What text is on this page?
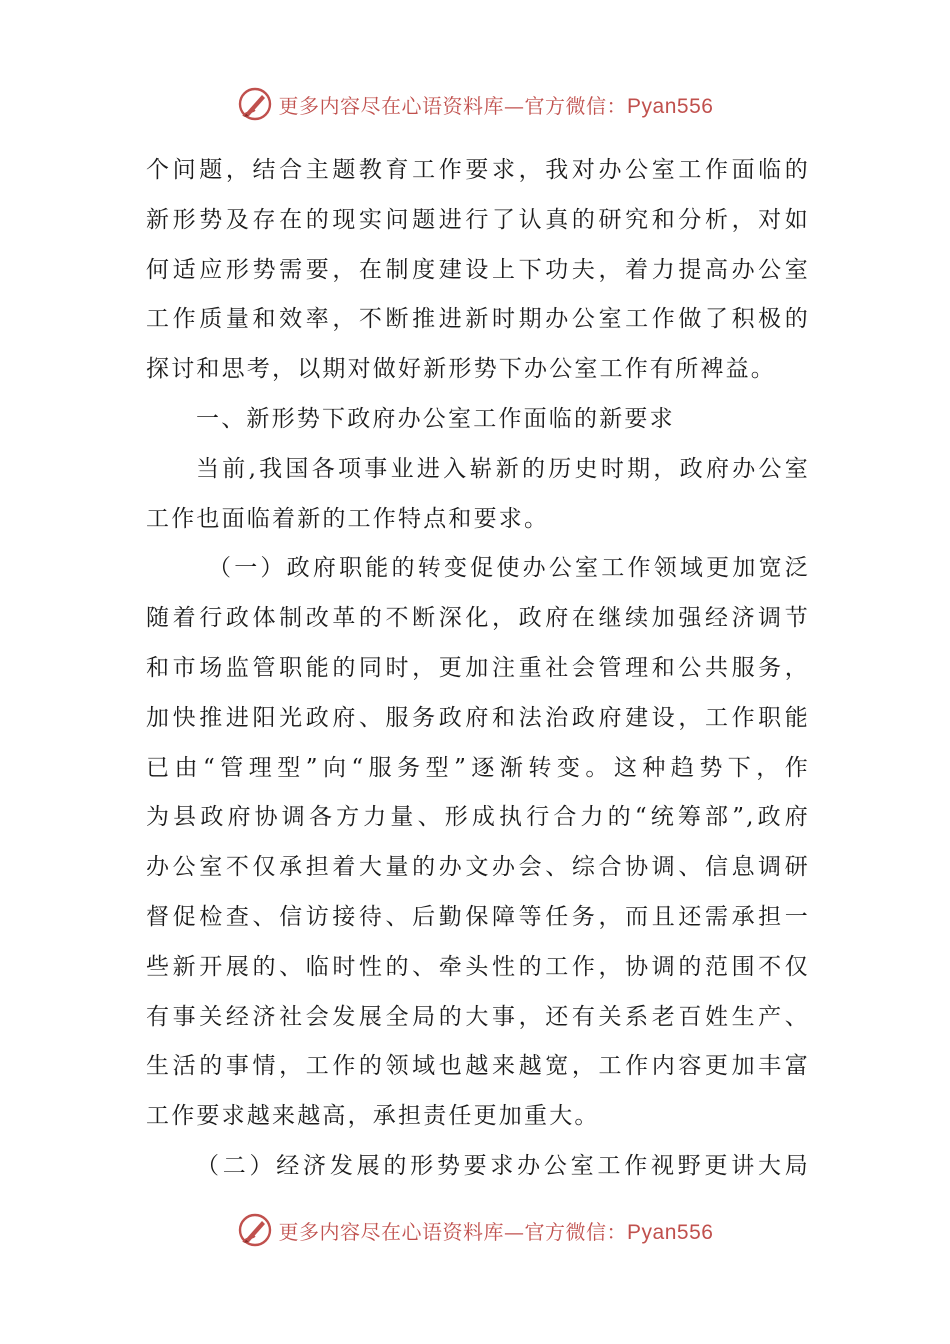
更多内容尽在心语资料库—官方微信：Pyan556
个问题，结合主题教育工作要求，我对办公室工作面临的
新形势及存在的现实问题进行了认真的研究和分析，对如
何适应形势需要，在制度建设上下功夫，着力提高办公室
工作质量和效率，不断推进新时期办公室工作做了积极的
探讨和思考，以期对做好新形势下办公室工作有所裨益。
一、新形势下政府办公室工作面临的新要求
当前,我国各项事业进入崭新的历史时期，政府办公室
工作也面临着新的工作特点和要求。
（一）政府职能的转变促使办公室工作领域更加宽泛
随着行政体制改革的不断深化，政府在继续加强经济调节
和市场监管职能的同时，更加注重社会管理和公共服务，
加快推进阳光政府、服务政府和法治政府建设，工作职能
已由“管理型”向“服务型”逐渐转变。这种趋势下，作
为县政府协调各方力量、形成执行合力的“统筹部”,政府
办公室不仅承担着大量的办文办会、综合协调、信息调研
督促检查、信访接待、后勤保障等任务，而且还需承担一
些新开展的、临时性的、牵头性的工作，协调的范围不仅
有事关经济社会发展全局的大事，还有关系老百姓生产、
生活的事情，工作的领域也越来越宽，工作内容更加丰富
工作要求越来越高，承担责任更加重大。
（二）经济发展的形势要求办公室工作视野更讲大局
更多内容尽在心语资料库—官方微信：Pyan556
